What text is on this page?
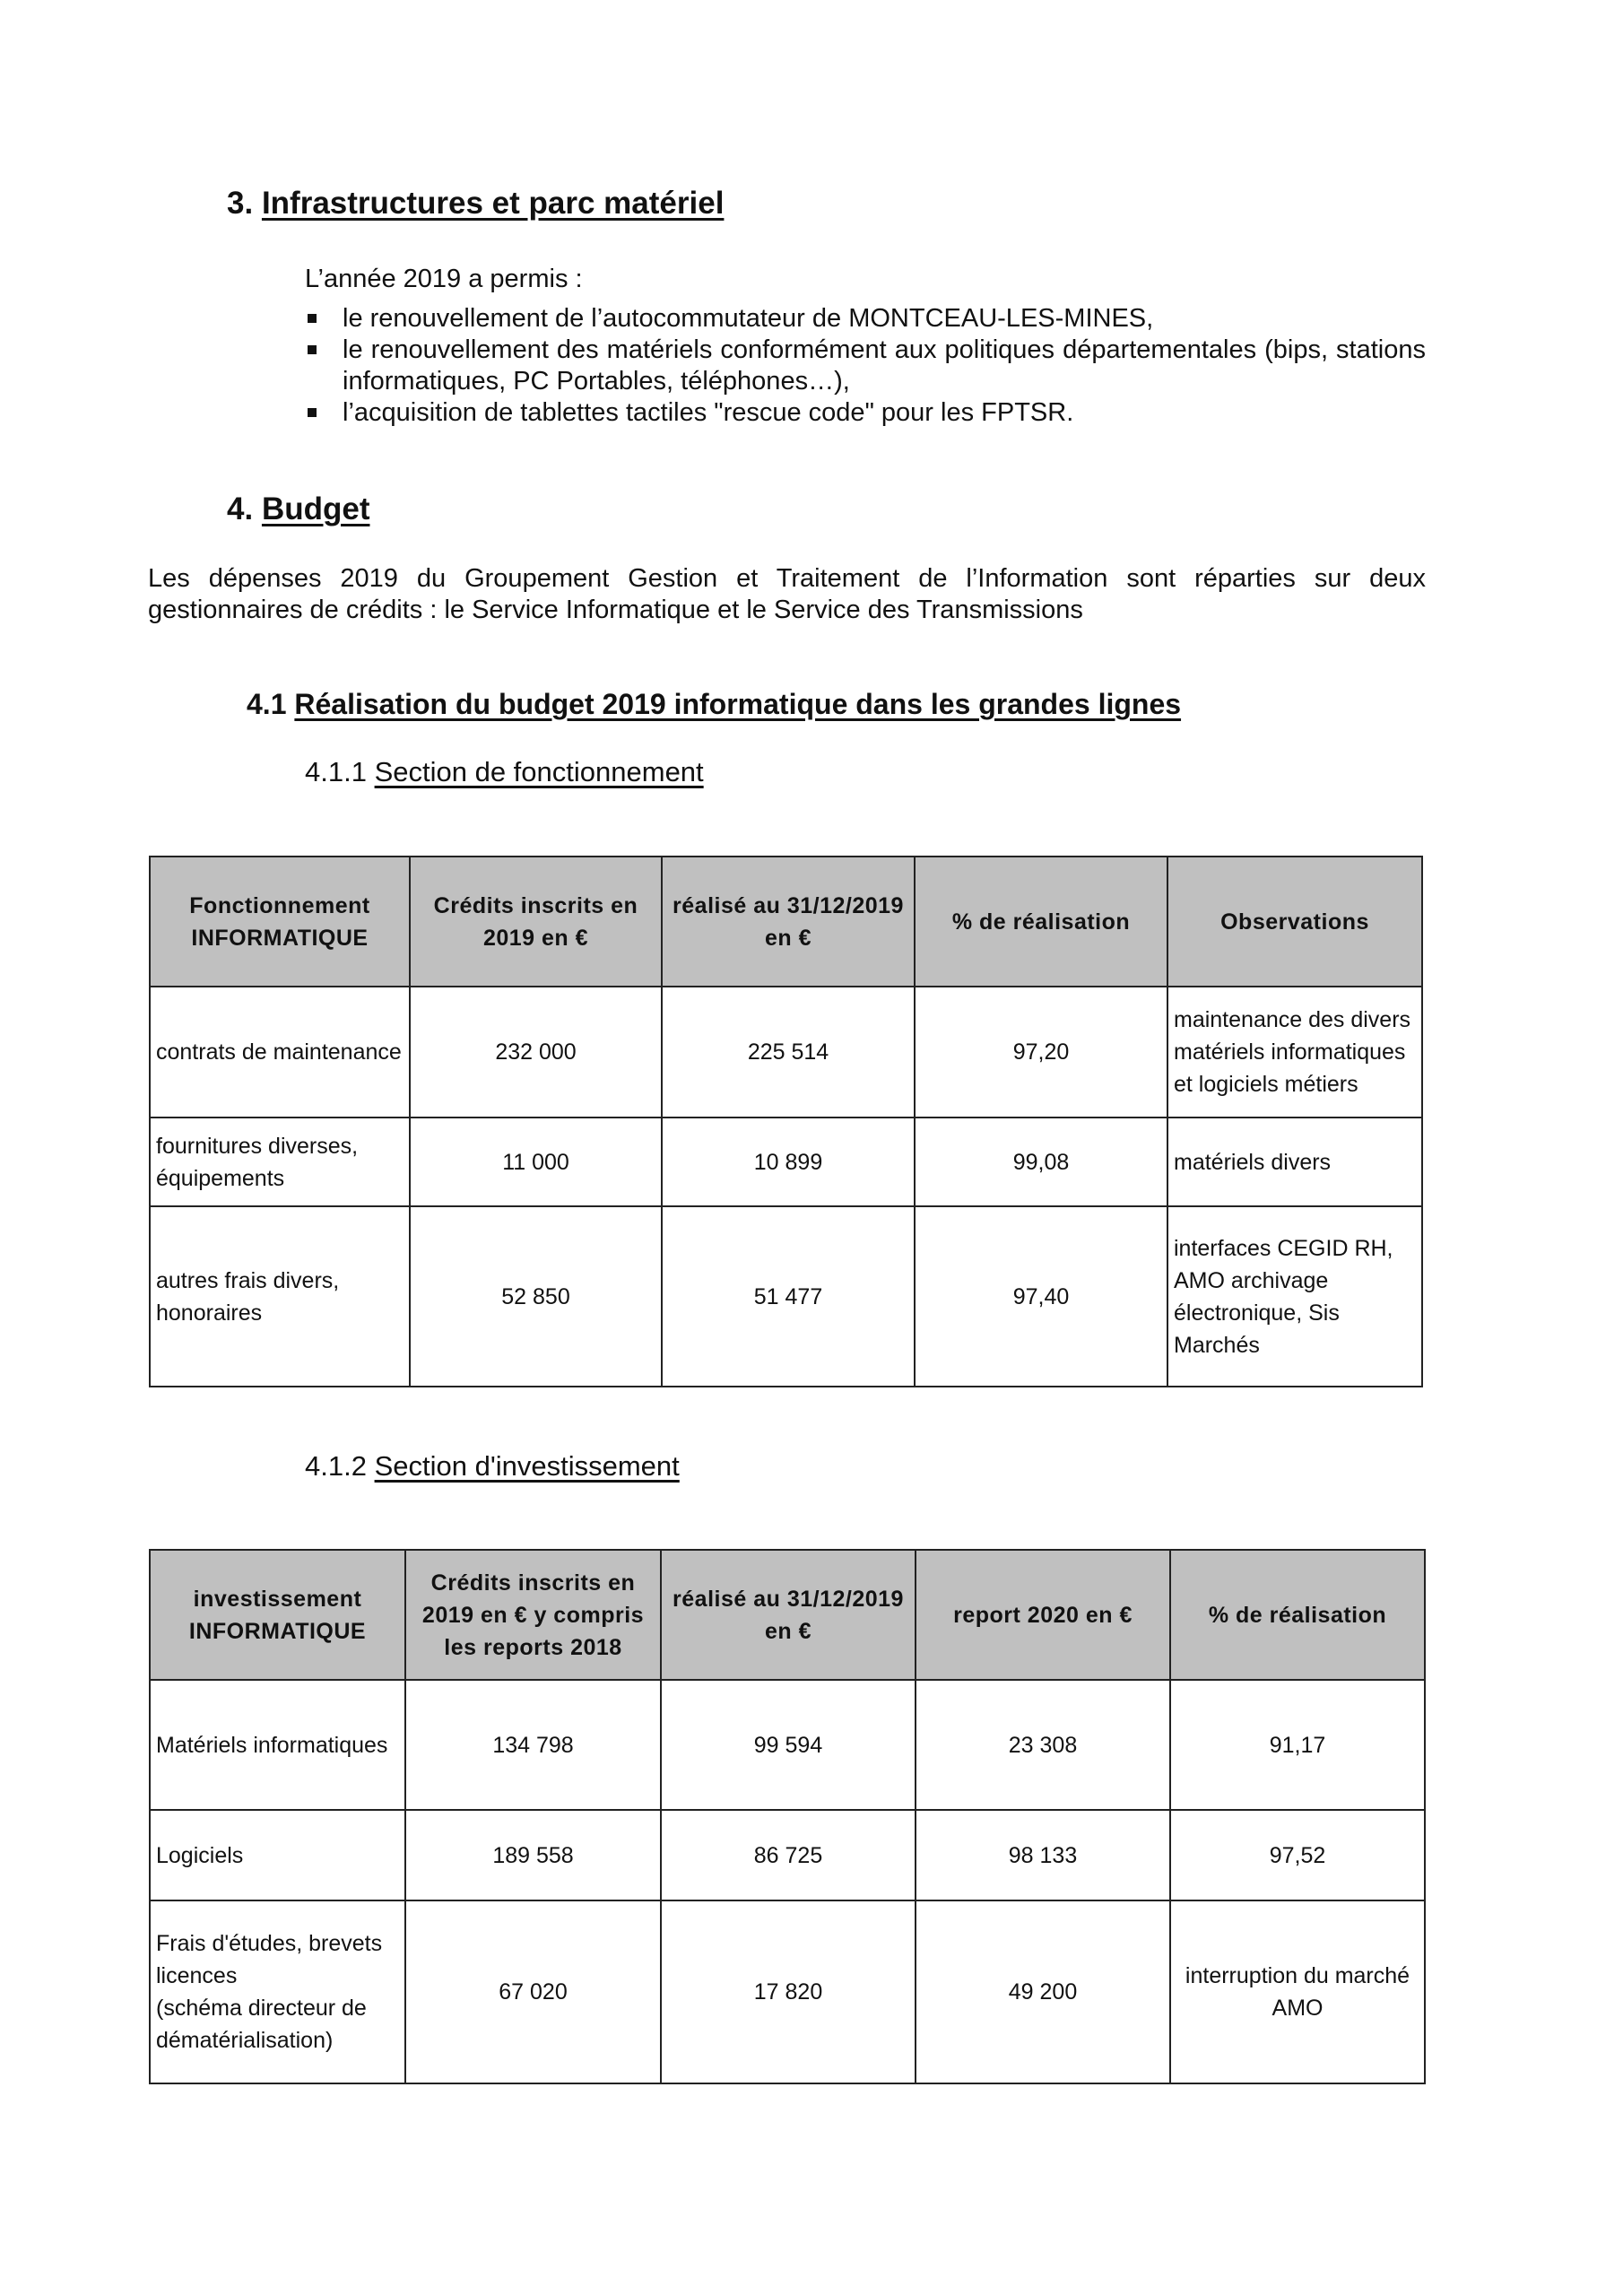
3. Infrastructures et parc matériel
L’année 2019 a permis :
le renouvellement de l’autocommutateur de MONTCEAU-LES-MINES,
le renouvellement des matériels conformément aux politiques départementales (bips, stations informatiques, PC Portables, téléphones…),
l’acquisition de tablettes tactiles "rescue code" pour les FPTSR.
4. Budget

Les dépenses 2019 du Groupement Gestion et Traitement de l’Information sont réparties sur deux gestionnaires de crédits : le Service Informatique et le Service des Transmissions

4.1 Réalisation du budget 2019 informatique dans les grandes lignes
4.1.1 Section de fonctionnement
Fonctionnement INFORMATIQUE	Crédits inscrits en 2019 en €	réalisé au 31/12/2019 en €	% de réalisation	Observations
contrats de maintenance	232 000	225 514	97,20	maintenance des divers matériels informatiques et logiciels métiers
fournitures diverses, équipements	11 000	10 899	99,08	matériels divers
autres frais divers, honoraires	52 850	51 477	97,40	interfaces CEGID RH, AMO archivage électronique, Sis Marchés
4.1.2 Section d'investissement
investissement INFORMATIQUE	Crédits inscrits en 2019 en € y compris les reports 2018	réalisé au 31/12/2019 en €	report 2020 en €	% de réalisation
Matériels informatiques	134 798	99 594	23 308	91,17
Logiciels	189 558	86 725	98 133	97,52
Frais d'études, brevets licences
(schéma directeur de dématérialisation)	67 020	17 820	49 200	interruption du marché AMO
